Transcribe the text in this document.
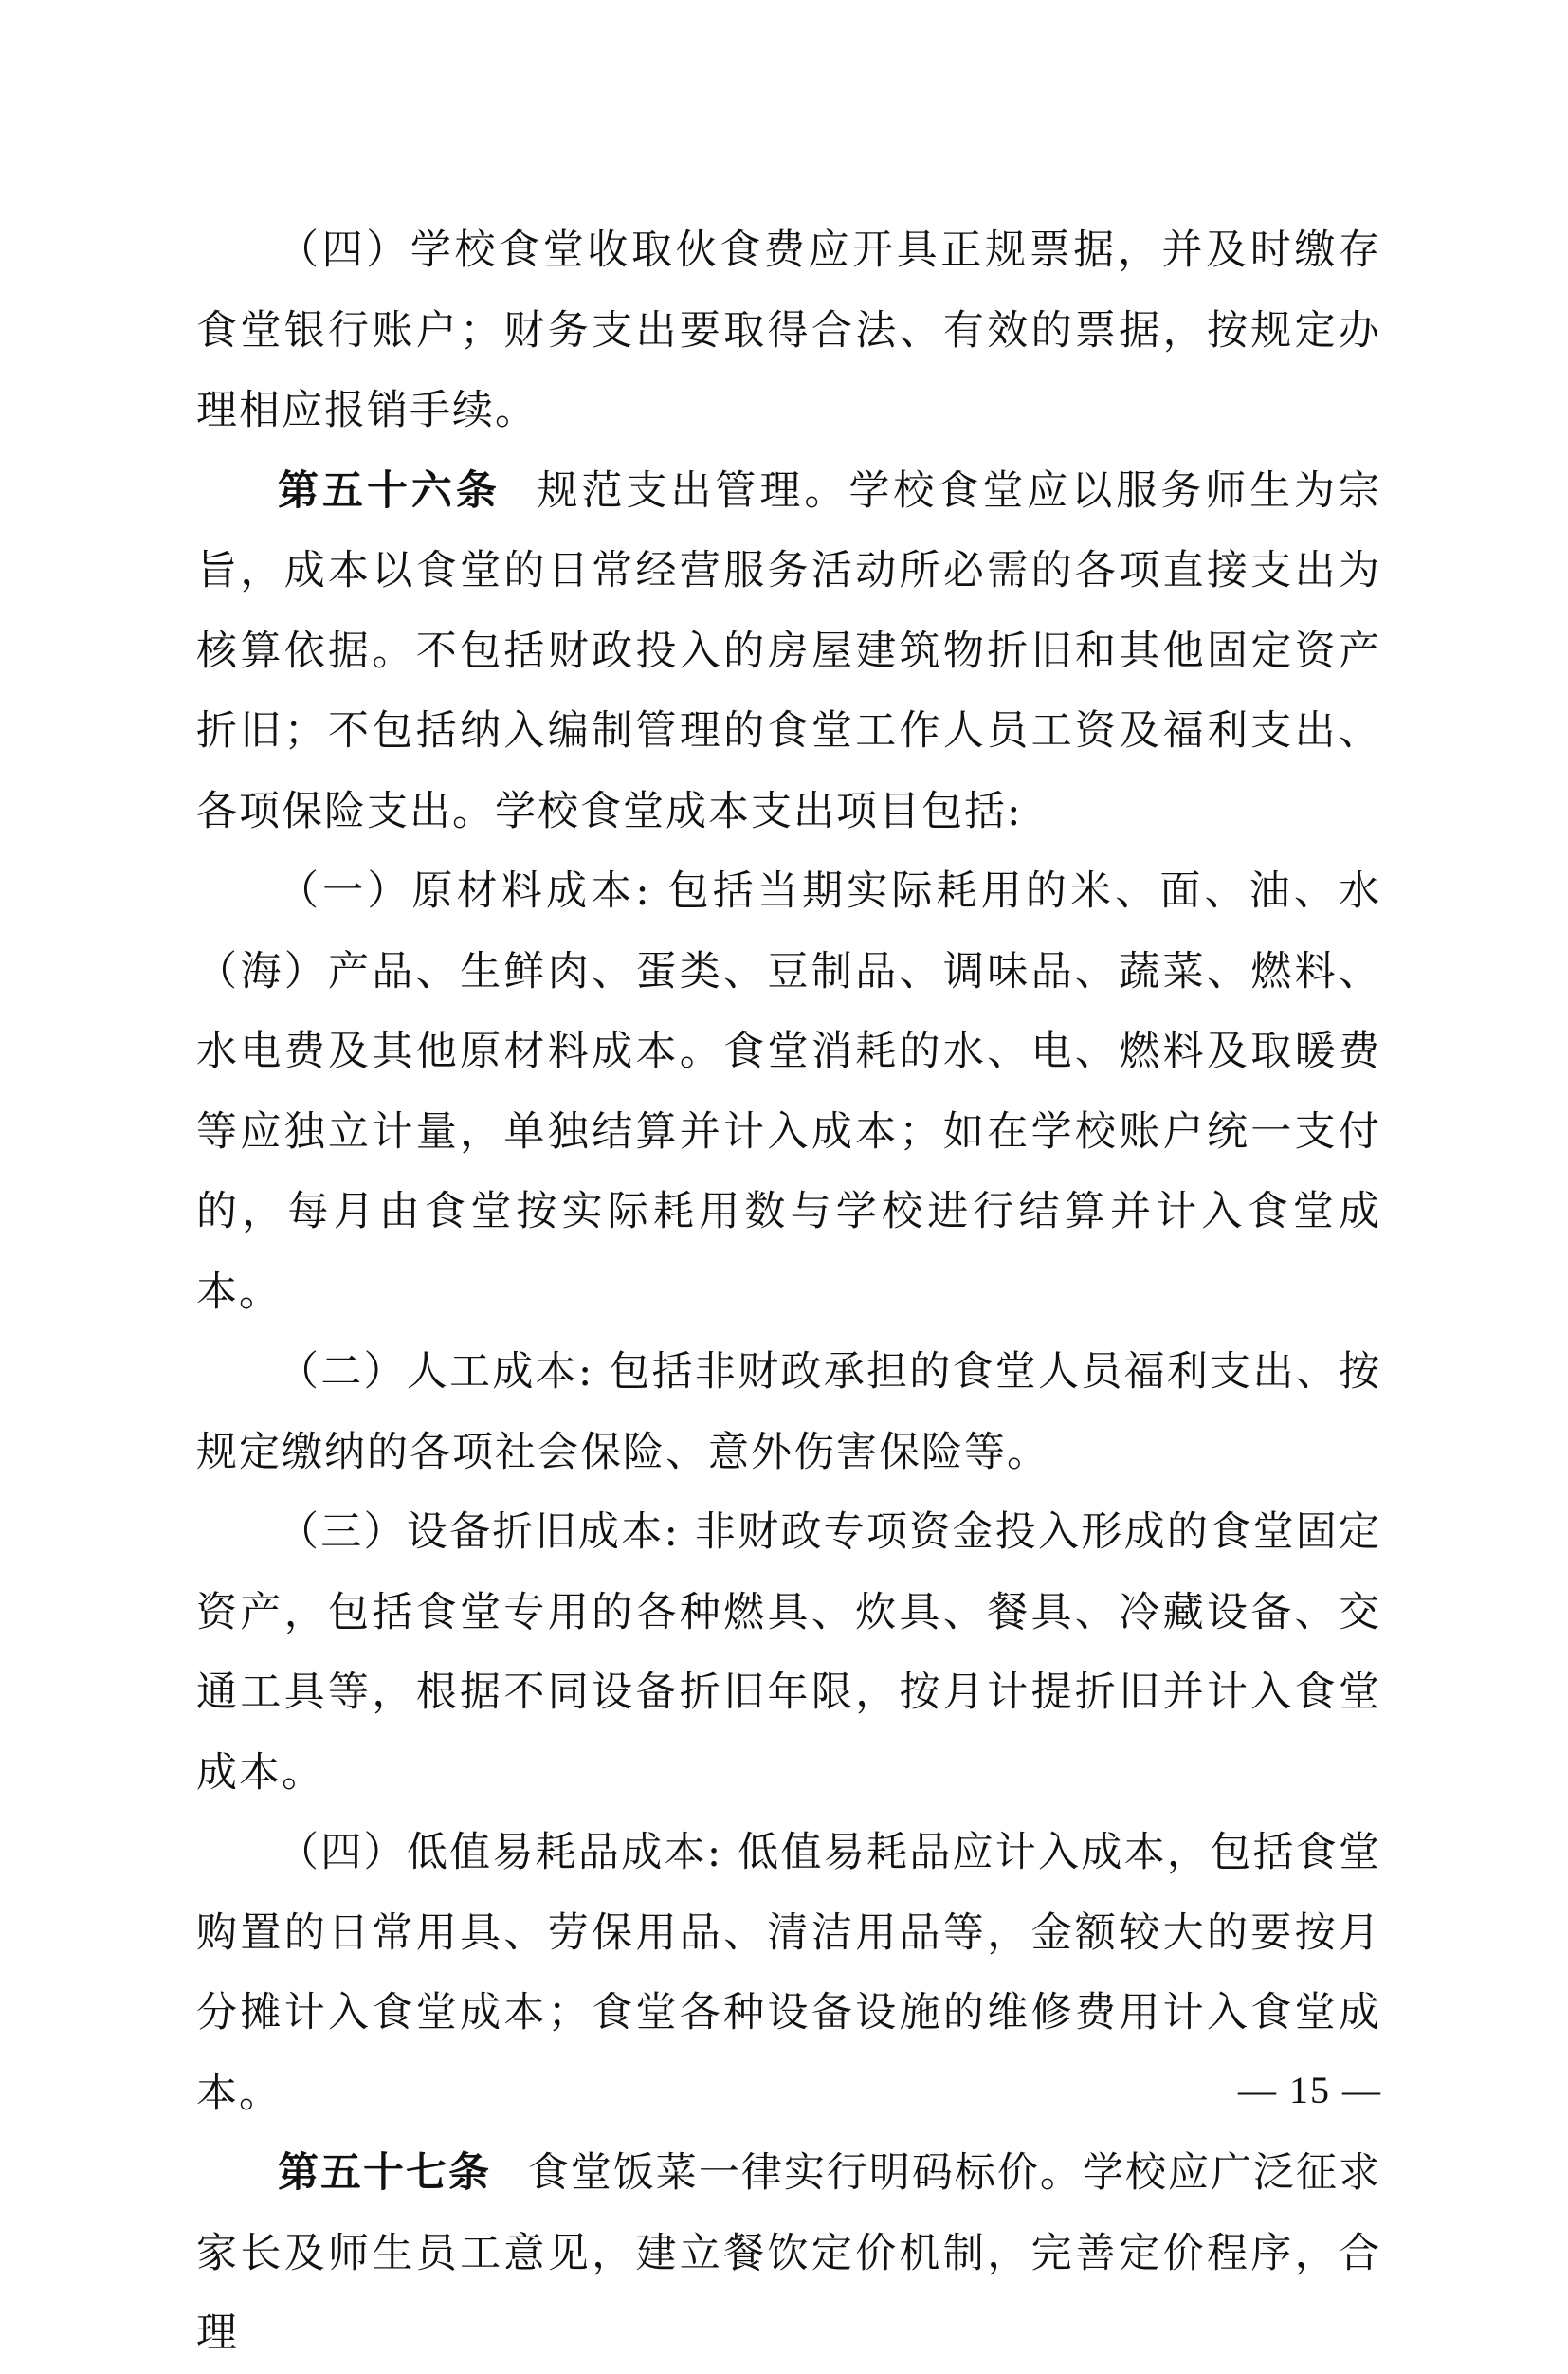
（四）学校食堂收取伙食费应开具正规票据，并及时缴存食堂银行账户；财务支出要取得合法、有效的票据，按规定办理相应报销手续。

第五十六条 规范支出管理。学校食堂应以服务师生为宗旨，成本以食堂的日常经营服务活动所必需的各项直接支出为核算依据。不包括财政投入的房屋建筑物折旧和其他固定资产折旧；不包括纳入编制管理的食堂工作人员工资及福利支出、各项保险支出。学校食堂成本支出项目包括:

（一）原材料成本: 包括当期实际耗用的米、面、油、水（海）产品、生鲜肉、蛋类、豆制品、调味品、蔬菜、燃料、水电费及其他原材料成本。食堂消耗的水、电、燃料及取暖费等应独立计量，单独结算并计入成本；如在学校账户统一支付的，每月由食堂按实际耗用数与学校进行结算并计入食堂成本。

（二）人工成本: 包括非财政承担的食堂人员福利支出、按规定缴纳的各项社会保险、意外伤害保险等。

（三）设备折旧成本: 非财政专项资金投入形成的食堂固定资产，包括食堂专用的各种燃具、炊具、餐具、冷藏设备、交通工具等，根据不同设备折旧年限，按月计提折旧并计入食堂成本。

（四）低值易耗品成本: 低值易耗品应计入成本，包括食堂购置的日常用具、劳保用品、清洁用品等，金额较大的要按月分摊计入食堂成本；食堂各种设备设施的维修费用计入食堂成本。

第五十七条 食堂饭菜一律实行明码标价。学校应广泛征求家长及师生员工意见，建立餐饮定价机制，完善定价程序，合理

— 15 —
